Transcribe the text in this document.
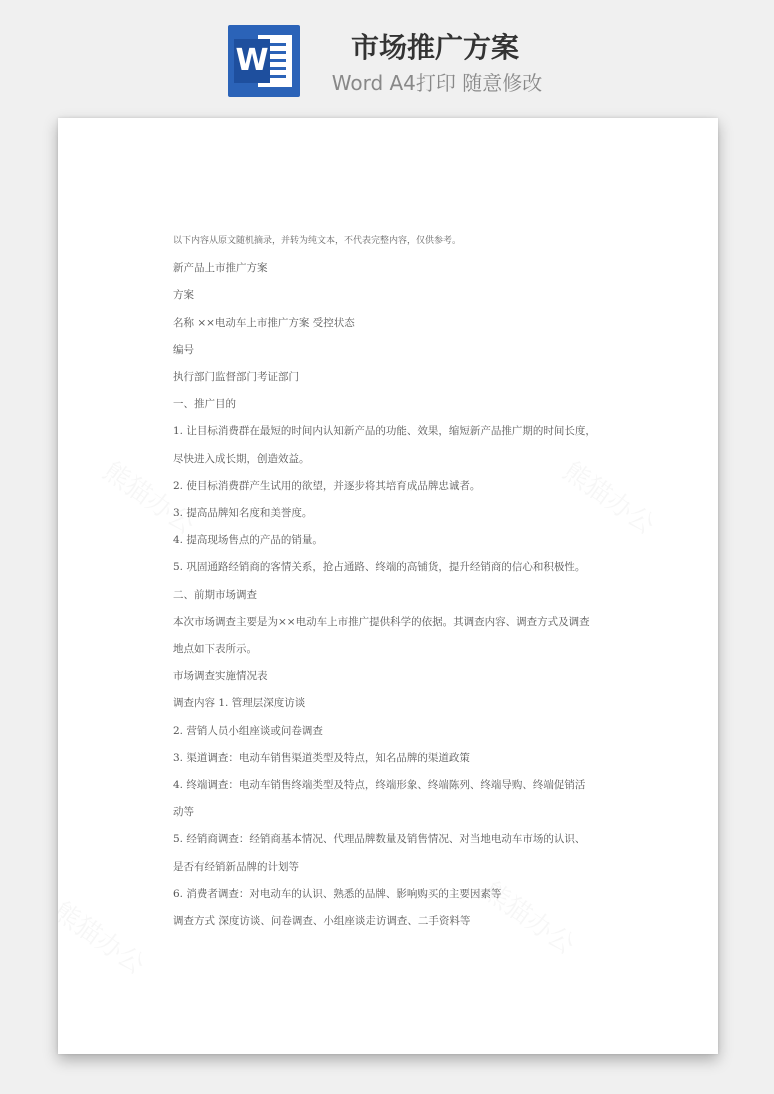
W	市场推广方案
Word A4打印 随意修改
以下内容从原文随机摘录，并转为纯文本，不代表完整内容，仅供参考。
新产品上市推广方案
方案
名称 ××电动车上市推广方案 受控状态
编号
执行部门监督部门考证部门
一、推广目的
1. 让目标消费群在最短的时间内认知新产品的功能、效果，缩短新产品推广期的时间长度，
尽快进入成长期，创造效益。
2. 使目标消费群产生试用的欲望，并逐步将其培育成品牌忠诚者。
3. 提高品牌知名度和美誉度。
4. 提高现场售点的产品的销量。
5. 巩固通路经销商的客情关系，抢占通路、终端的高铺货，提升经销商的信心和积极性。
二、前期市场调查
本次市场调查主要是为××电动车上市推广提供科学的依据。其调查内容、调查方式及调查
地点如下表所示。
市场调查实施情况表
调查内容 1. 管理层深度访谈
2. 营销人员小组座谈或问卷调查
3. 渠道调查：电动车销售渠道类型及特点，知名品牌的渠道政策
4. 终端调查：电动车销售终端类型及特点，终端形象、终端陈列、终端导购、终端促销活
动等
5. 经销商调查：经销商基本情况、代理品牌数量及销售情况、对当地电动车市场的认识、
是否有经销新品牌的计划等
6. 消费者调查：对电动车的认识、熟悉的品牌、影响购买的主要因素等
调查方式 深度访谈、问卷调查、小组座谈走访调查、二手资料等
